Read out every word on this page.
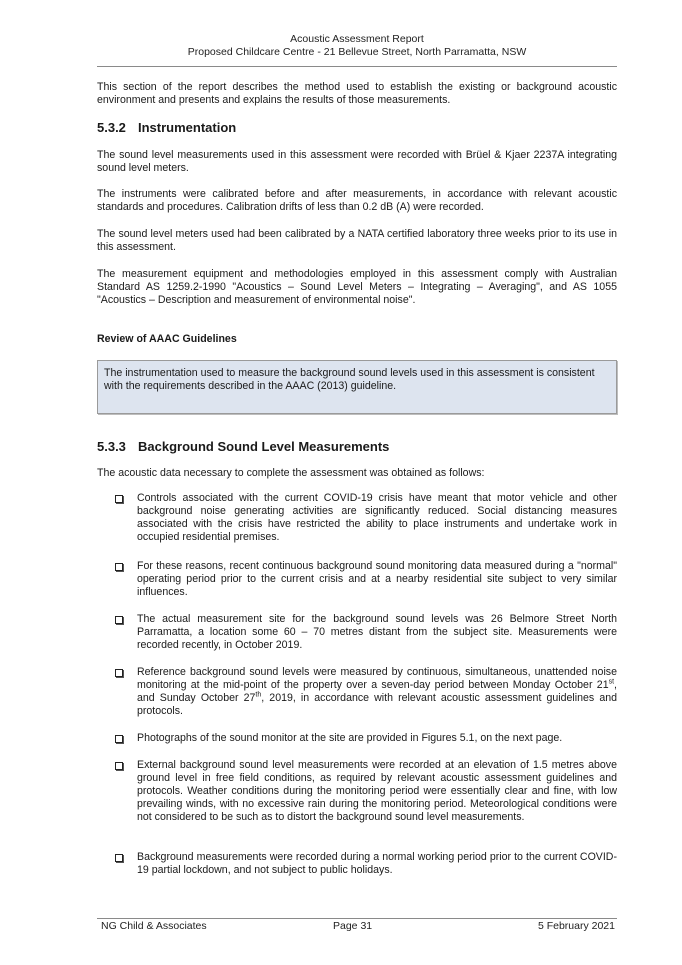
Acoustic Assessment Report
Proposed Childcare Centre - 21 Bellevue Street, North Parramatta, NSW
This section of the report describes the method used to establish the existing or background acoustic environment and presents and explains the results of those measurements.
5.3.2 Instrumentation
The sound level measurements used in this assessment were recorded with Brüel & Kjaer 2237A integrating sound level meters.
The instruments were calibrated before and after measurements, in accordance with relevant acoustic standards and procedures. Calibration drifts of less than 0.2 dB (A) were recorded.
The sound level meters used had been calibrated by a NATA certified laboratory three weeks prior to its use in this assessment.
The measurement equipment and methodologies employed in this assessment comply with Australian Standard AS 1259.2-1990 "Acoustics – Sound Level Meters – Integrating – Averaging", and AS 1055 "Acoustics – Description and measurement of environmental noise".
Review of AAAC Guidelines
The instrumentation used to measure the background sound levels used in this assessment is consistent with the requirements described in the AAAC (2013) guideline.
5.3.3 Background Sound Level Measurements
The acoustic data necessary to complete the assessment was obtained as follows:
Controls associated with the current COVID-19 crisis have meant that motor vehicle and other background noise generating activities are significantly reduced. Social distancing measures associated with the crisis have restricted the ability to place instruments and undertake work in occupied residential premises.
For these reasons, recent continuous background sound monitoring data measured during a "normal" operating period prior to the current crisis and at a nearby residential site subject to very similar influences.
The actual measurement site for the background sound levels was 26 Belmore Street North Parramatta, a location some 60 – 70 metres distant from the subject site. Measurements were recorded recently, in October 2019.
Reference background sound levels were measured by continuous, simultaneous, unattended noise monitoring at the mid-point of the property over a seven-day period between Monday October 21st, and Sunday October 27th, 2019, in accordance with relevant acoustic assessment guidelines and protocols.
Photographs of the sound monitor at the site are provided in Figures 5.1, on the next page.
External background sound level measurements were recorded at an elevation of 1.5 metres above ground level in free field conditions, as required by relevant acoustic assessment guidelines and protocols. Weather conditions during the monitoring period were essentially clear and fine, with low prevailing winds, with no excessive rain during the monitoring period. Meteorological conditions were not considered to be such as to distort the background sound level measurements.
Background measurements were recorded during a normal working period prior to the current COVID-19 partial lockdown, and not subject to public holidays.
NG Child & Associates	Page 31	5 February 2021
